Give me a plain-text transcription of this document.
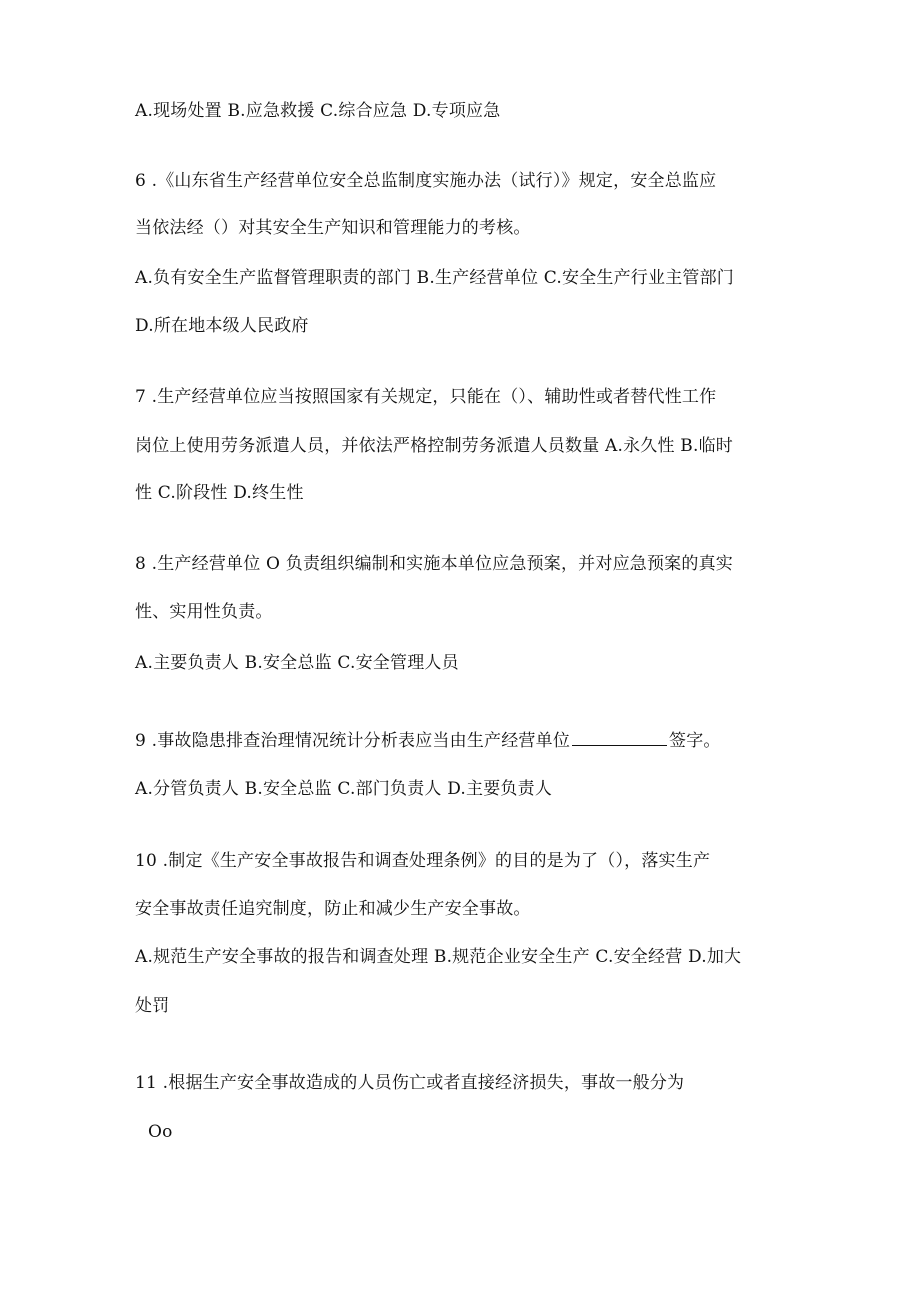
A.现场处置 B.应急救援 C.综合应急 D.专项应急
6 .《山东省生产经营单位安全总监制度实施办法（试行）》规定，安全总监应
当依法经（）对其安全生产知识和管理能力的考核。
A.负有安全生产监督管理职责的部门 B.生产经营单位 C.安全生产行业主管部门
D.所在地本级人民政府
7 .生产经营单位应当按照国家有关规定，只能在（）、辅助性或者替代性工作
岗位上使用劳务派遣人员，并依法严格控制劳务派遣人员数量 A.永久性 B.临时
性 C.阶段性 D.终生性
8 .生产经营单位 O 负责组织编制和实施本单位应急预案，并对应急预案的真实
性、实用性负责。
A.主要负责人 B.安全总监 C.安全管理人员
9 .事故隐患排查治理情况统计分析表应当由生产经营单位	签字。
A.分管负责人 B.安全总监 C.部门负责人 D.主要负责人
10 .制定《生产安全事故报告和调查处理条例》的目的是为了（），落实生产
安全事故责任追究制度，防止和减少生产安全事故。
A.规范生产安全事故的报告和调查处理 B.规范企业安全生产 C.安全经营 D.加大
处罚
11 .根据生产安全事故造成的人员伤亡或者直接经济损失，事故一般分为
Oo
